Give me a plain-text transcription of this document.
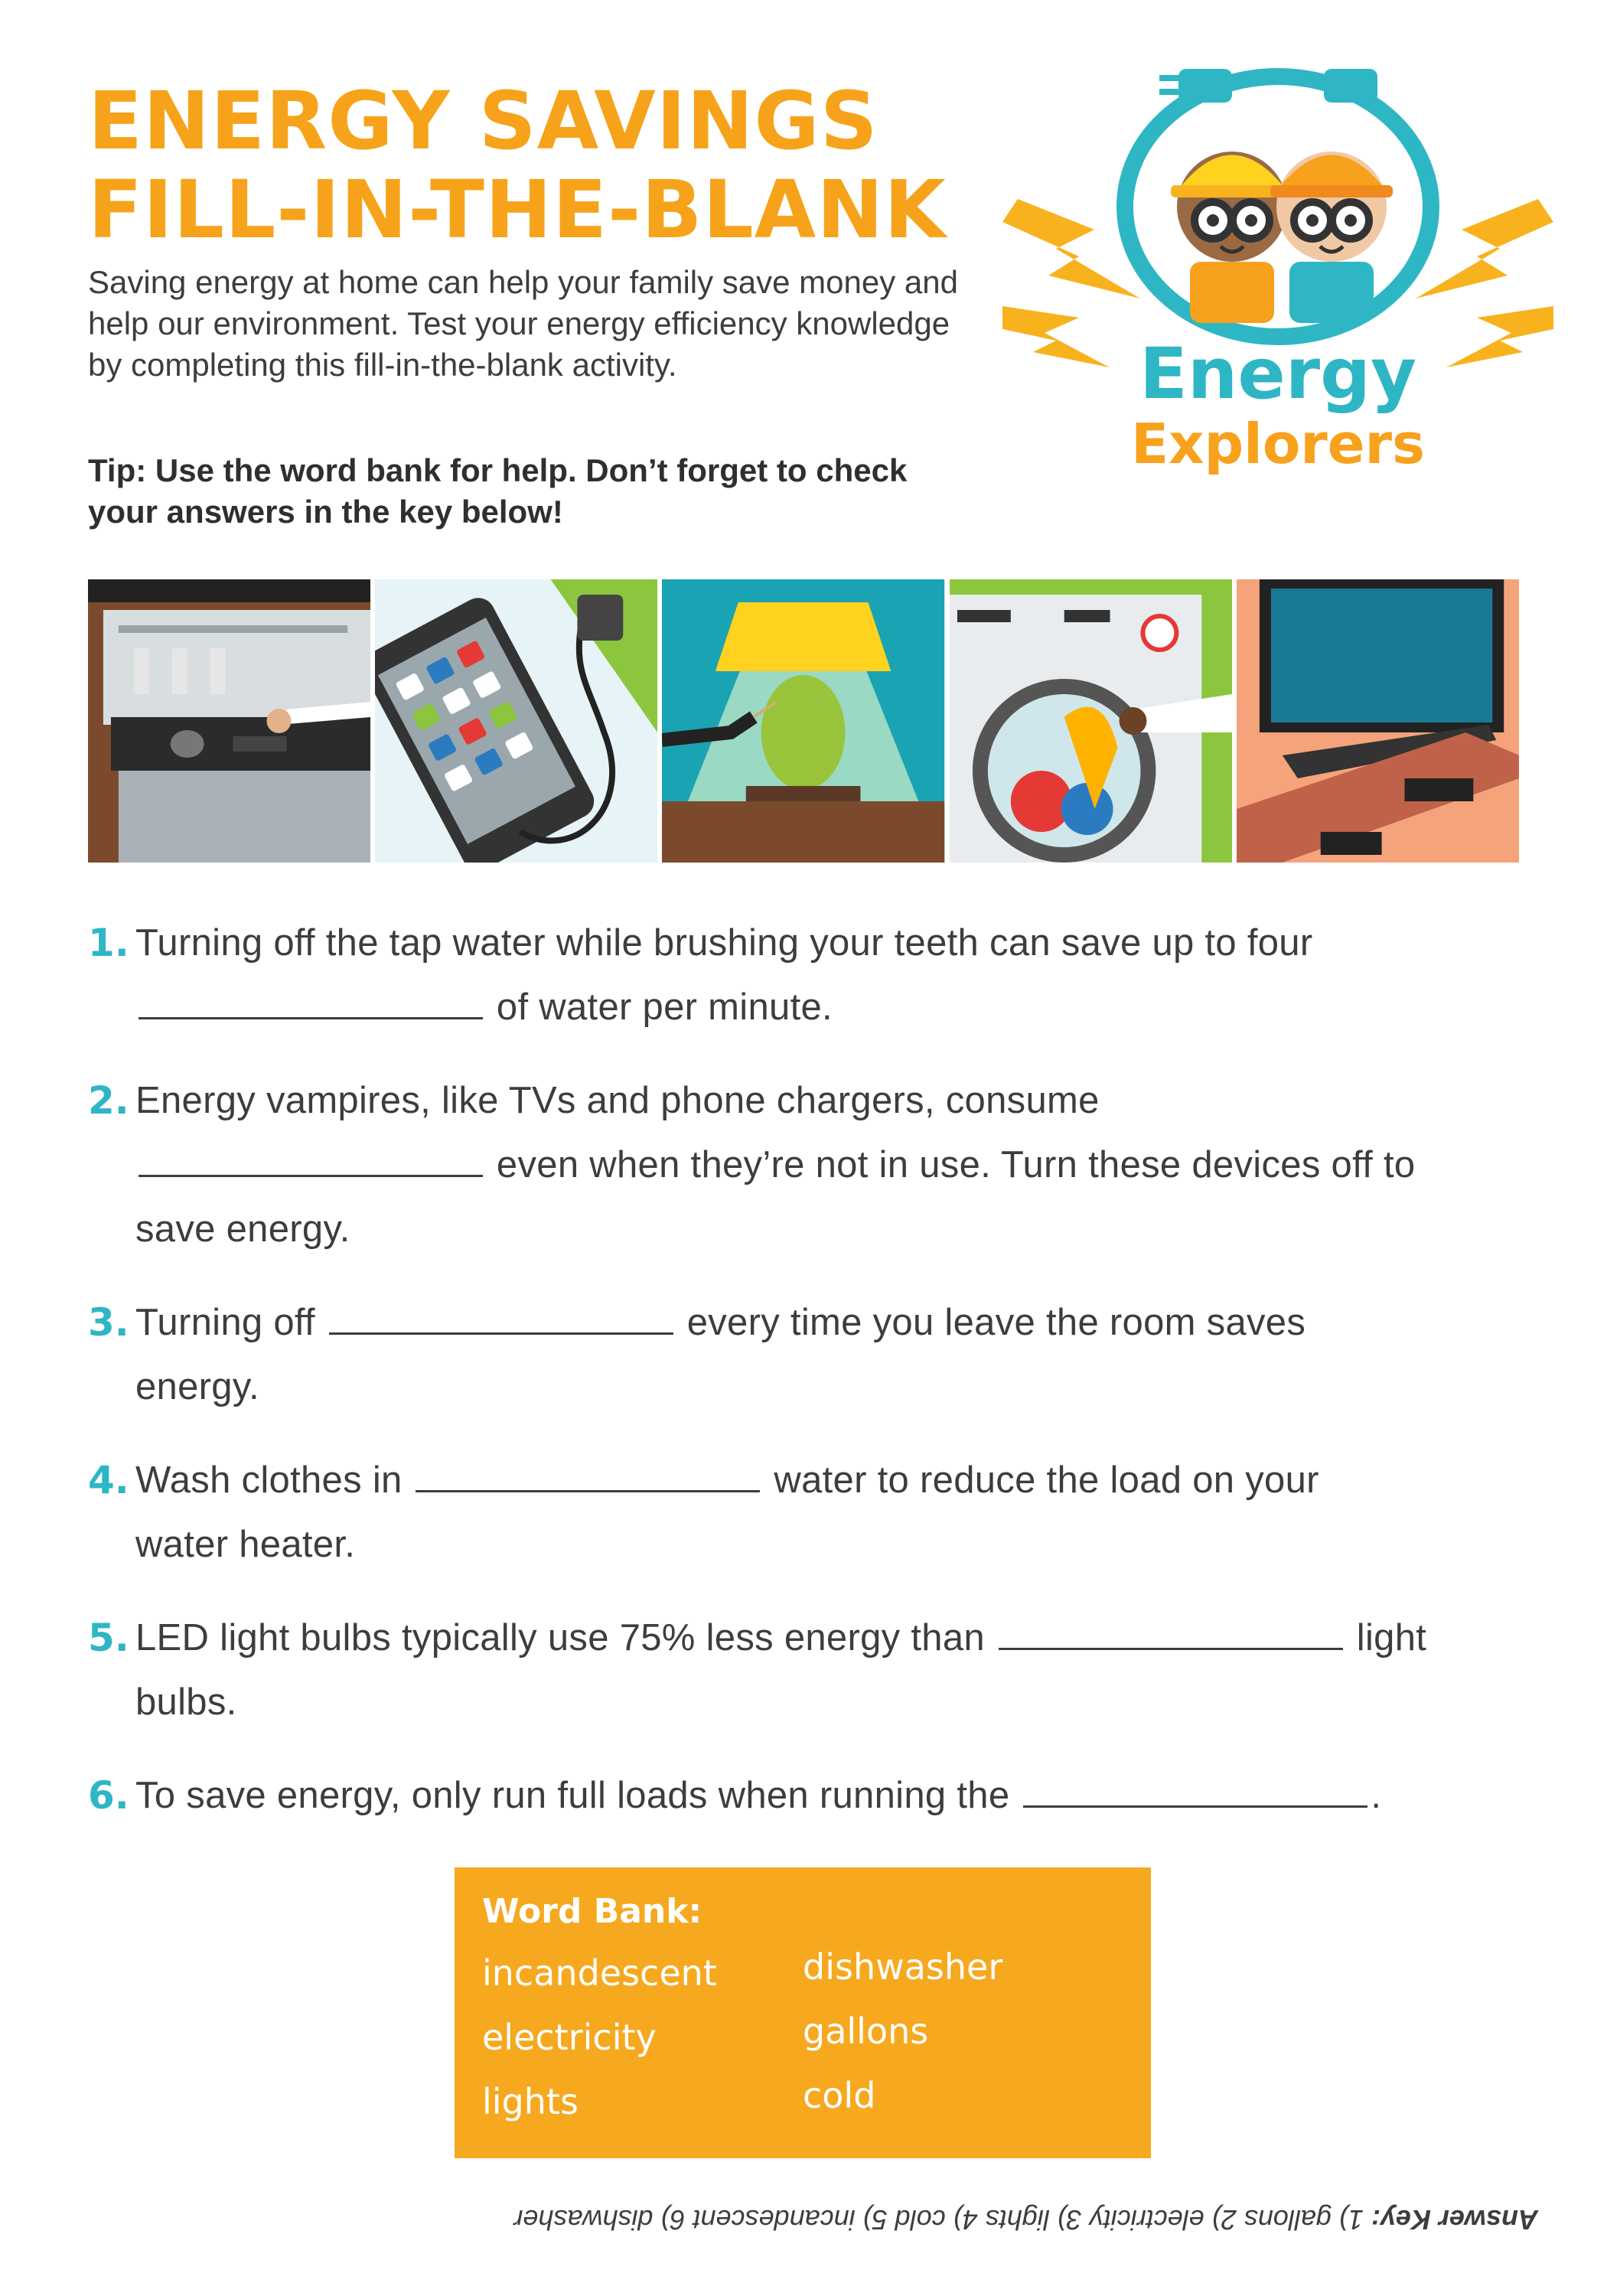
ENERGY SAVINGS
FILL-IN-THE-BLANK

Saving energy at home can help your family save money and help our environment. Test your energy efficiency knowledge by completing this fill-in-the-blank activity.

Tip: Use the word bank for help. Don’t forget to check your answers in the key below!

Energy
Explorers
1. Turning off the tap water while brushing your teeth can save up to four  of water per minute.
2. Energy vampires, like TVs and phone chargers, consume
even when they’re not in use. Turn these devices off to save energy.
3. Turning off	every time you leave the room saves energy.
4. Wash clothes in	water to reduce the load on your water heater.
5. LED light bulbs typically use 75% less energy than	light bulbs.
6. To save energy, only run full loads when running the	.
Word Bank:
incandescent
electricity
lights
dishwasher
gallons
cold
Answer Key: 1) gallons 2) electricity 3) lights 4) cold 5) incandescent 6) dishwasher
